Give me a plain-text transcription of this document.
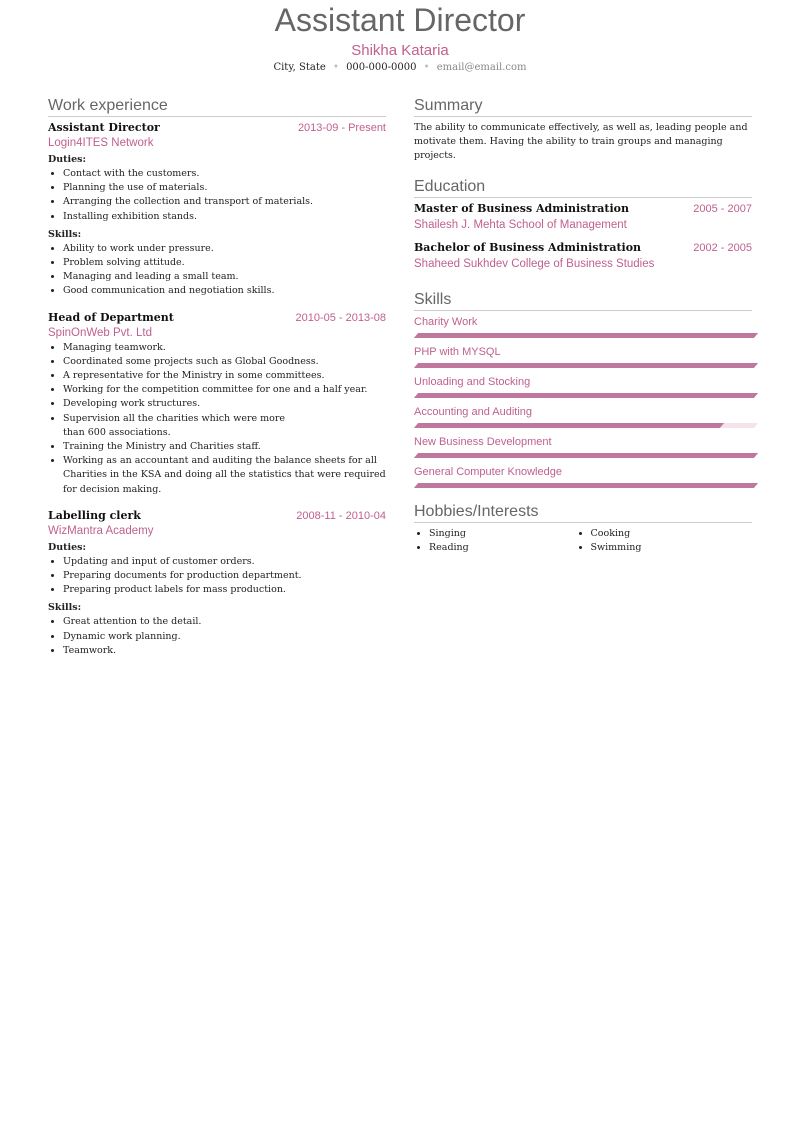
Assistant Director
Shikha Kataria
City, State • 000-000-0000 • email@email.com
Work experience
Assistant Director	2013-09 - Present
Login4ITES Network
Duties:
• Contact with the customers.
• Planning the use of materials.
• Arranging the collection and transport of materials.
• Installing exhibition stands.
Skills:
• Ability to work under pressure.
• Problem solving attitude.
• Managing and leading a small team.
• Good communication and negotiation skills.
Head of Department	2010-05 - 2013-08
SpinOnWeb Pvt. Ltd
• Managing teamwork.
• Coordinated some projects such as Global Goodness.
• A representative for the Ministry in some committees.
• Working for the competition committee for one and a half year.
• Developing work structures.
• Supervision all the charities which were more than 600 associations.
• Training the Ministry and Charities staff.
• Working as an accountant and auditing the balance sheets for all Charities in the KSA and doing all the statistics that were required for decision making.
Labelling clerk	2008-11 - 2010-04
WizMantra Academy
Duties:
• Updating and input of customer orders.
• Preparing documents for production department.
• Preparing product labels for mass production.
Skills:
• Great attention to the detail.
• Dynamic work planning.
• Teamwork.
Summary

The ability to communicate effectively, as well as, leading people and motivate them. Having the ability to train groups and managing projects.

Education
Master of Business Administration	2005 - 2007
Shailesh J. Mehta School of Management
Bachelor of Business Administration	2002 - 2005
Shaheed Sukhdev College of Business Studies
Skills
Charity Work
PHP with MYSQL
Unloading and Stocking
Accounting and Auditing
New Business Development
General Computer Knowledge
Hobbies/Interests
• Singing	• Cooking
• Reading	• Swimming
